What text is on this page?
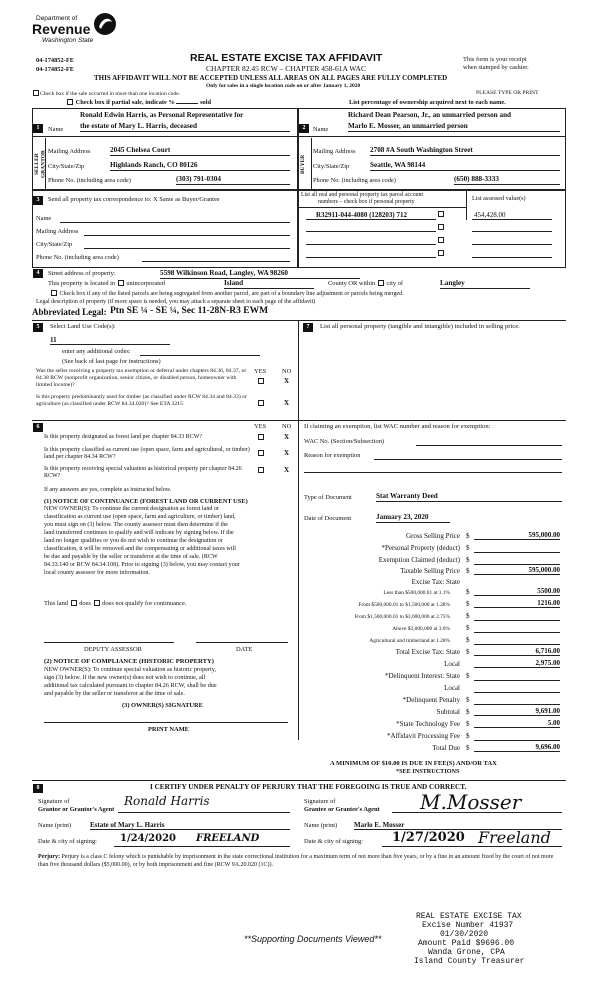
Department of
Revenue
Washington State
04-174852-FE
04-174852-FE
REAL ESTATE EXCISE TAX AFFIDAVIT
CHAPTER 82.45 RCW – CHAPTER 458-61A WAC
THIS AFFIDAVIT WILL NOT BE ACCEPTED UNLESS ALL AREAS ON ALL PAGES ARE FULLY COMPLETED
Only for sales in a single location code on or after January 1, 2020
This form is your receipt
when stamped by cashier.
Check box if the sale occurred in more than one location code.	PLEASE TYPE OR PRINT
Check box if partial sale, indicate %	sold	List percentage of ownership acquired next to each name.
1	2
SELLER GRANTOR	BUYER
Name
Ronald Edwin Harris, as Personal Representative for
the estate of Mary L. Harris, deceased
Mailing Address	2045 Chelsea Court
City/State/Zip	Highlands Ranch, CO 80126
Phone No. (including area code)	(303) 791-0304
Name
Richard Dean Pearson, Jr., an unmarried person and
Marlo E. Mosser, an unmarried person
Mailing Address 2708 #A South Washington Street
City/State/Zip	Seattle, WA 98144
Phone No. (including area code)	(650) 888-3333
3	Send all property tax correspondence to: X Same as Buyer/Grantee
Name
Mailing Address
City/State/Zip
Phone No. (including area code)
List all real and personal property tax parcel account
numbers – check box if personal property	List assessed value(s)
R32911-044-4080 (128203) 712	454,428.00
4	Street address of property:	5598 Wilkinson Road, Langley, WA 98260
This property is located in unincorporated	Island	County OR within city of	Langley
Check box if any of the listed parcels are being segregated from another parcel, are part of a boundary line adjustment or parcels being merged.
Legal description of property (if more space is needed, you may attach a separate sheet to each page of the affidavit)
Abbreviated Legal: Ptn SE ¼ - SE ¼, Sec 11-28N-R3 EWM
5	Select Land Use Code(s):
11
enter any additional codes:
(See back of last page for instructions)
YES NO
Was the seller receiving a property tax exemption or deferral under chapters 84.36, 84.37, or 84.38 RCW (nonprofit organization, senior citizen, or disabled person, homeowner with limited income)?
X
Is this property predominantly used for timber (as classified under RCW 84.34 and 84.33) or agriculture (as classified under RCW 84.34.020)? See ETA 3215	X
7	List all personal property (tangible and intangible) included in selling price.
6	YES NO
Is this property designated as forest land per chapter 84.33 RCW?	X
Is this property classified as current use (open space, farm and agricultural, or timber) land per chapter 84.34 RCW?
X
Is this property receiving special valuation as historical property per chapter 84.26 RCW?
X
If any answers are yes, complete as instructed below.
(1) NOTICE OF CONTINUANCE (FOREST LAND OR CURRENT USE)
NEW OWNER(S): To continue the current designation as forest land or
classification as current use (open space, farm and agriculture, or timber) land,
you must sign on (3) below. The county assessor must then determine if the
land transferred continues to qualify and will indicate by signing below. If the
land no longer qualifies or you do not wish to continue the designation or
classification, it will be removed and the compensating or additional taxes will
be due and payable by the seller or transferor at the time of sale. (RCW
84.33.140 or RCW 84.34.108). Prior to signing (3) below, you may contact your
local county assessor for more information.
This land does does not qualify for continuance.
DEPUTY ASSESSOR	DATE
(2) NOTICE OF COMPLIANCE (HISTORIC PROPERTY)
NEW OWNER(S): To continue special valuation as historic property,
sign (3) below. If the new owner(s) does not wish to continue, all
additional tax calculated pursuant to chapter 84.26 RCW, shall be due
and payable by the seller or transferor at the time of sale.
(3) OWNER(S) SIGNATURE
PRINT NAME
If claiming an exemption, list WAC number and reason for exemption:
WAC No. (Section/Subsection)
Reason for exemption
Type of Document	Stat Warranty Deed
Date of Document	January 23, 2020
Gross Selling Price $	595,000.00
*Personal Property (deduct) $
Exemption Claimed (deduct) $
Taxable Selling Price $	595,000.00
Excise Tax: State
Less than $500,000.01 at 1.1% $	5500.00
From $500,000.01 to $1,500,000 at 1.28% $	1216.00
From $1,500,000.01 to $3,000,000 at 2.75% $
Above $3,000,000 at 3.0% $
Agricultural and timberland at 1.28% $
Total Excise Tax: State $	6,716.00
Local	2,975.00
*Delinquent Interest: State $
Local
*Delinquent Penalty $
Subtotal $	9,691.00
*State Technology Fee $	5.00
*Affidavit Processing Fee $
Total Due $	9,696.00
A MINIMUM OF $10.00 IS DUE IN FEE(S) AND/OR TAX
*SEE INSTRUCTIONS
8	I CERTIFY UNDER PENALTY OF PERJURY THAT THE FOREGOING IS TRUE AND CORRECT.
Signature of
Grantor or Grantor's Agent
Ronald Harris
Name (print)	Estate of Mary L. Harris
Date & city of signing: 1/24/2020 FREELAND
Signature of
Grantee or Grantee's Agent M.Mosser
Name (print) Marlo E. Mosser
Date & city of signing: 1/27/2020 Freeland
Perjury: Perjury is a class C felony which is punishable by imprisonment in the state correctional institution for a maximum term of not more than five years, or by a fine in an amount fixed by the court of not more than five thousand dollars ($5,000.00), or by both imprisonment and fine (RCW 9A.20.020 (1C)).
REAL ESTATE EXCISE TAX
Excise Number 41937
01/30/2020
Amount Paid $9696.00
Wanda Grone, CPA
Island County Treasurer
**Supporting Documents Viewed**
